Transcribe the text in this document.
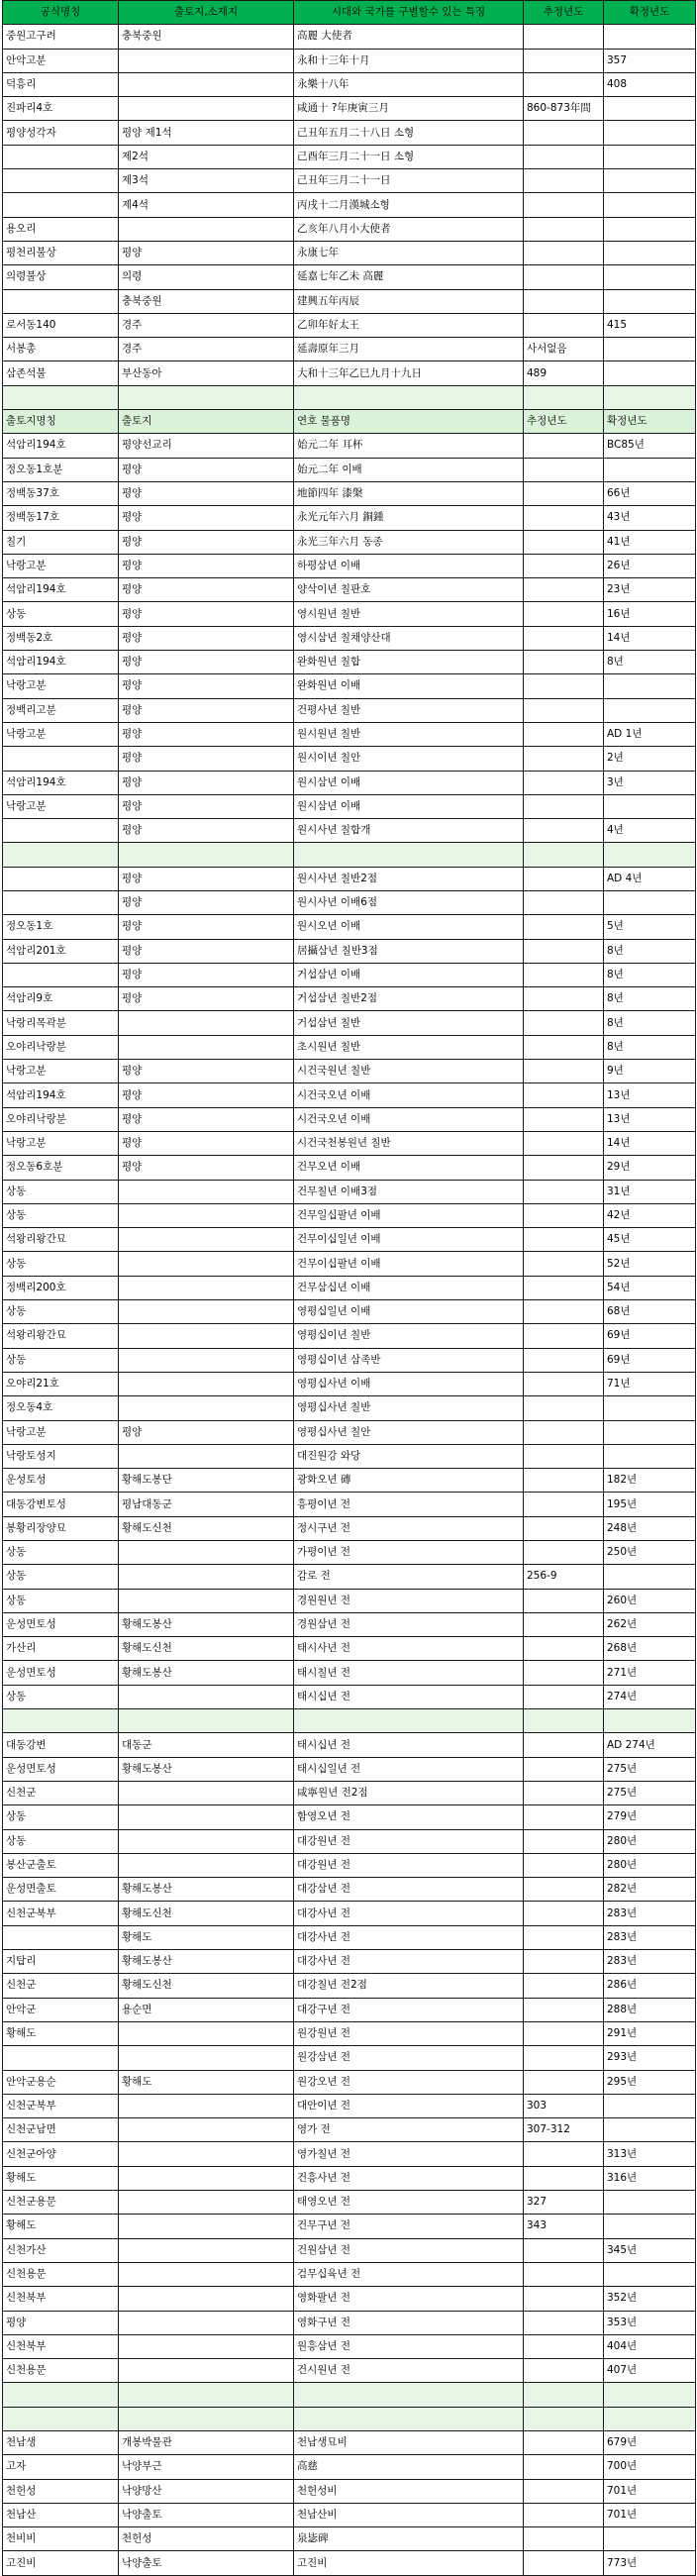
공식명칭	출토지,소재지	시대와 국가를 구별할수 있는 특징	추정년도	확정년도
중원고구려	충북중원	高麗 大使者		
안악고분		永和十三年十月		357
덕흥리		永樂十八年		408
진파리4호		咸通十 ?年庚寅三月	860-873年間	
평양성각자	평양 제1석	己丑年五月二十八日 소형		
	제2석	己酉年三月二十一日 소형		
	제3석	己丑年三月二十一日		
	제4석	丙戌十二月漢城소형		
용오리		乙亥年八月小大使者		
평천리불상	평양	永康七年		
의령불상	의령	延嘉七年乙未 高麗		
	충북중원	建興五年丙辰		
로서동140	경주	乙卯年好太王		415
서봉총	경주	延壽原年三月	사서없음	
삼존석불	부산동아	大和十三年乙巳九月十九日	489	

출토지명칭	출토지	연호 물품명	추정년도	확정년도
석암리194호	평양선교리	始元二年 耳杯		BC85년
정오동1호분	평양	始元二年 이배		
정백동37호	평양	地節四年 漆槃		66년
정백동17호	평양	永光元年六月 銅鍾		43년
칠기	평양	永光三年六月 동종		41년
낙랑고분	평양	하평삼년 이배		26년
석암리194호	평양	양삭이년 칠판호		23년
상동	평양	영시원년 칠반		16년
정백동2호	평양	영시삼년 칠채양산대		14년
석암리194호	평양	완화원년 칠합		8년
낙랑고분	평양	완화원년 이배		
정백리고분	평양	건평사년 칠반		
낙랑고분	평양	원시원년 칠반		AD 1년
	평양	원시이년 칠안		2년
석암리194호	평양	원시삼년 이배		3년
낙랑고분	평양	원시삼년 이배		
	평양	원시사년 칠합개		4년

	평양	원시사년 칠반2점		AD 4년
	평양	원시사년 이배6점		
정오동1호	평양	원시오년 이배		5년
석암리201호	평양	居攝삼년 칠반3점		8년
	평양	거섭삼년 이배		8년
석암리9호	평양	거섭삼년 칠반2점		8년
낙랑리목곽분		거섭삼년 칠반		8년
오야리낙랑분		초시원년 칠반		8년
낙랑고분	평양	시건국원년 칠반		9년
석암리194호	평양	시건국오년 이배		13년
오야리낙랑분	평양	시건국오년 이배		13년
낙랑고분	평양	시건국천봉원년 칠반		14년
정오동6호분	평양	건무오년 이배		29년
상동		건무칠년 이배3점		31년
상동		건무일십팔년 이배		42년
석왕리왕간묘		건무이십일년 이배		45년
상동		건무이십팔년 이배		52년
정백리200호		건무삼십년 이배		54년
상동		영평십일년 이배		68년
석왕리왕간묘		영평십이년 칠반		69년
상동		영평십이년 삼족반		69년
오야리21호		영평십사년 이배		71년
정오동4호		영평십사년 칠반		
낙랑고분	평양	영평십사년 칠안		
낙랑토성지		대진원강 와당		
운성토성	황해도봉단	광화오년 磚		182년
대동강변토성	평남대동군	흥평이년 전		195년
봉황리장양묘	황해도신천	정시구년 전		248년
상동		가평이년 전		250년
상동		감로 전	256-9	
상동		경원원년 전		260년
운성면토성	황해도봉산	경원삼년 전		262년
가산리	황해도신천	태시사년 전		268년
운성면토성	황해도봉산	태시칠년 전		271년
상동		태시십년 전		274년

대동강변	대동군	태시십년 전		AD 274년
운성면토성	황해도봉산	태시십일년 전		275년
신천군		咸寧원년 전2점		275년
상동		함영오년 전		279년
상동		대강원년 전		280년
봉산군출토		대강원년 전		280년
운성면출토	황해도봉산	대강삼년 전		282년
신천군북부	황해도신천	대강사년 전		283년
	황해도	대강사년 전		283년
지탑리	황해도봉산	대강사년 전		283년
신천군	황해도신천	대강칠년 전2점		286년
안악군	용순면	대강구년 전		288년
황해도		원강원년 전		291년
		원강삼년 전		293년
안악군용순	황해도	원강오년 전		295년
신천군북부		대안이년 전	303	
신천군남면		영가 전	307-312	
신천군아양		영가칠년 전		313년
황해도		건흥사년 전		316년
신천군용문		태영오년 전	327	
황해도		건무구년 전	343	
신천가산		건원삼년 전		345년
신천용문		검무십육년 전		
신천북부		영화팔년 전		352년
평양		영화구년 전		353년
신천북부		원흥삼년 전		404년
신천용문		건시원년 전		407년

천남생	개봉박물관	천남생묘비		679년
고자	낙양부근	高慈		700년
천헌성	낙양망산	천헌성비		701년
천남산	낙양출토	천남산비		701년
천비비	천헌성	泉毖碑		
고진비	낙양출토	고진비		773년
